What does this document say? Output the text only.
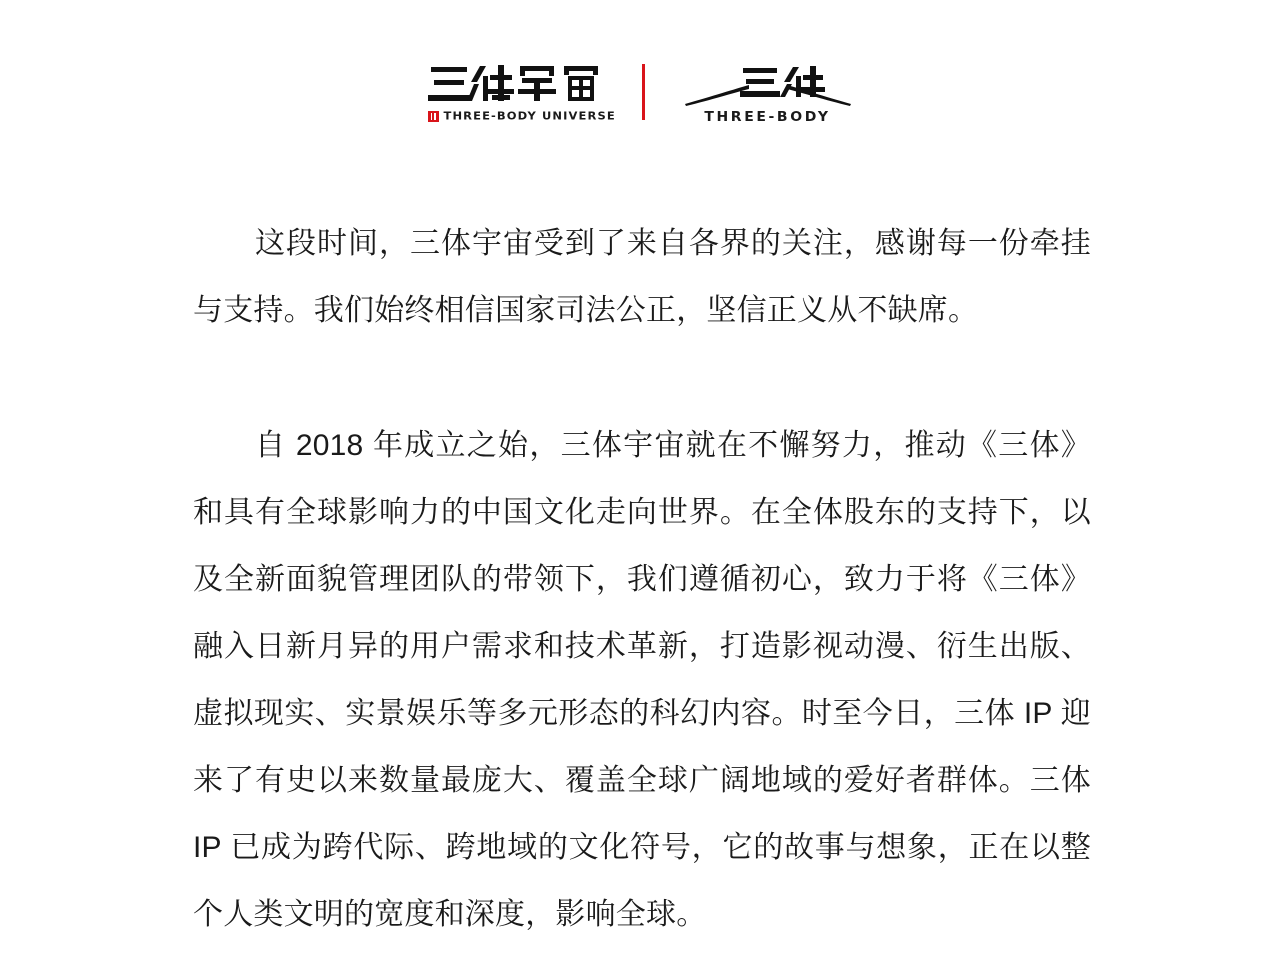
THREE-BODY UNIVERSE	THREE-BODY

这段时间，三体宇宙受到了来自各界的关注，感谢每一份牵挂与支持。我们始终相信国家司法公正，坚信正义从不缺席。

自 2018 年成立之始，三体宇宙就在不懈努力，推动《三体》和具有全球影响力的中国文化走向世界。在全体股东的支持下，以及全新面貌管理团队的带领下，我们遵循初心，致力于将《三体》融入日新月异的用户需求和技术革新，打造影视动漫、衍生出版、虚拟现实、实景娱乐等多元形态的科幻内容。时至今日，三体 IP 迎来了有史以来数量最庞大、覆盖全球广阔地域的爱好者群体。三体 IP 已成为跨代际、跨地域的文化符号，它的故事与想象，正在以整个人类文明的宽度和深度，影响全球。
